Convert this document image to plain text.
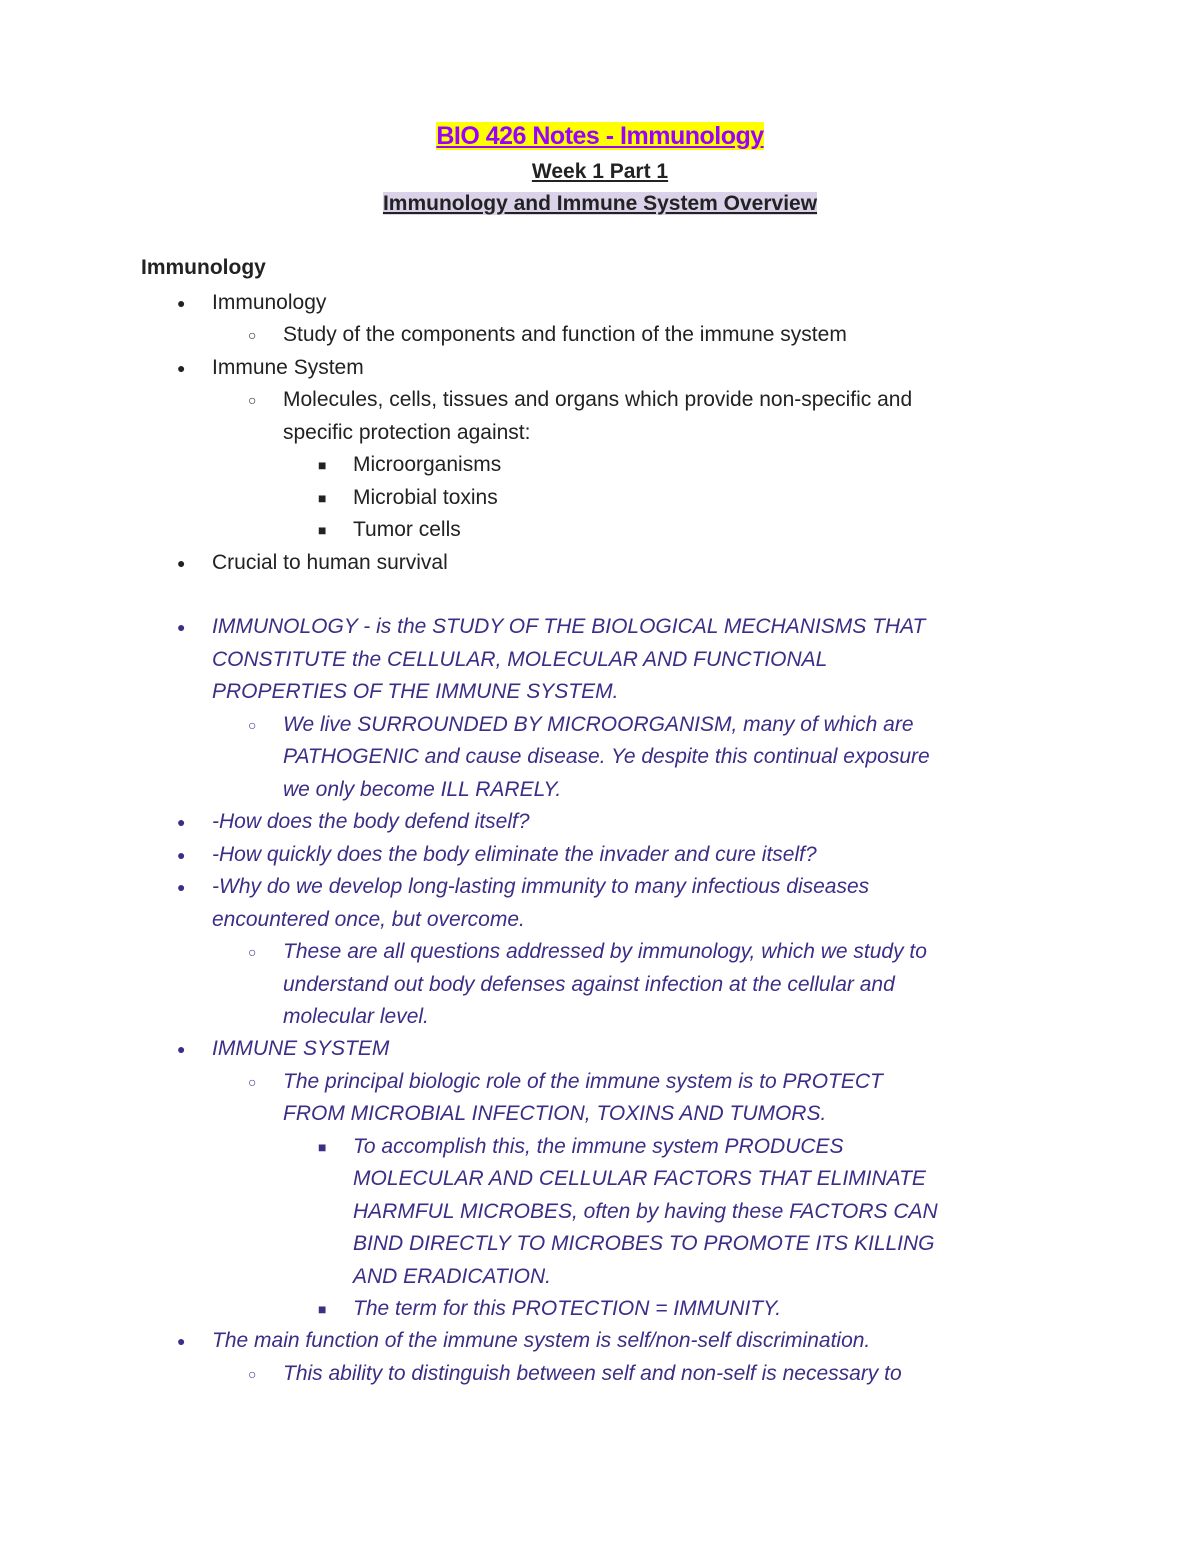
BIO 426 Notes - Immunology
Week 1 Part 1
Immunology and Immune System Overview
Immunology
● Immunology
○ Study of the components and function of the immune system
● Immune System
○ Molecules, cells, tissues and organs which provide non-specific and
specific protection against:
■ Microorganisms
■ Microbial toxins
■ Tumor cells
● Crucial to human survival
● IMMUNOLOGY - is the STUDY OF THE BIOLOGICAL MECHANISMS THAT
CONSTITUTE the CELLULAR, MOLECULAR AND FUNCTIONAL
PROPERTIES OF THE IMMUNE SYSTEM.
○ We live SURROUNDED BY MICROORGANISM, many of which are
PATHOGENIC and cause disease. Ye despite this continual exposure
we only become ILL RARELY.
● -How does the body defend itself?
● -How quickly does the body eliminate the invader and cure itself?
● -Why do we develop long-lasting immunity to many infectious diseases
encountered once, but overcome.
○ These are all questions addressed by immunology, which we study to
understand out body defenses against infection at the cellular and
molecular level.
● IMMUNE SYSTEM
○ The principal biologic role of the immune system is to PROTECT
FROM MICROBIAL INFECTION, TOXINS AND TUMORS.
■ To accomplish this, the immune system PRODUCES
MOLECULAR AND CELLULAR FACTORS THAT ELIMINATE
HARMFUL MICROBES, often by having these FACTORS CAN
BIND DIRECTLY TO MICROBES TO PROMOTE ITS KILLING
AND ERADICATION.
■ The term for this PROTECTION = IMMUNITY.
● The main function of the immune system is self/non-self discrimination.
○ This ability to distinguish between self and non-self is necessary to
